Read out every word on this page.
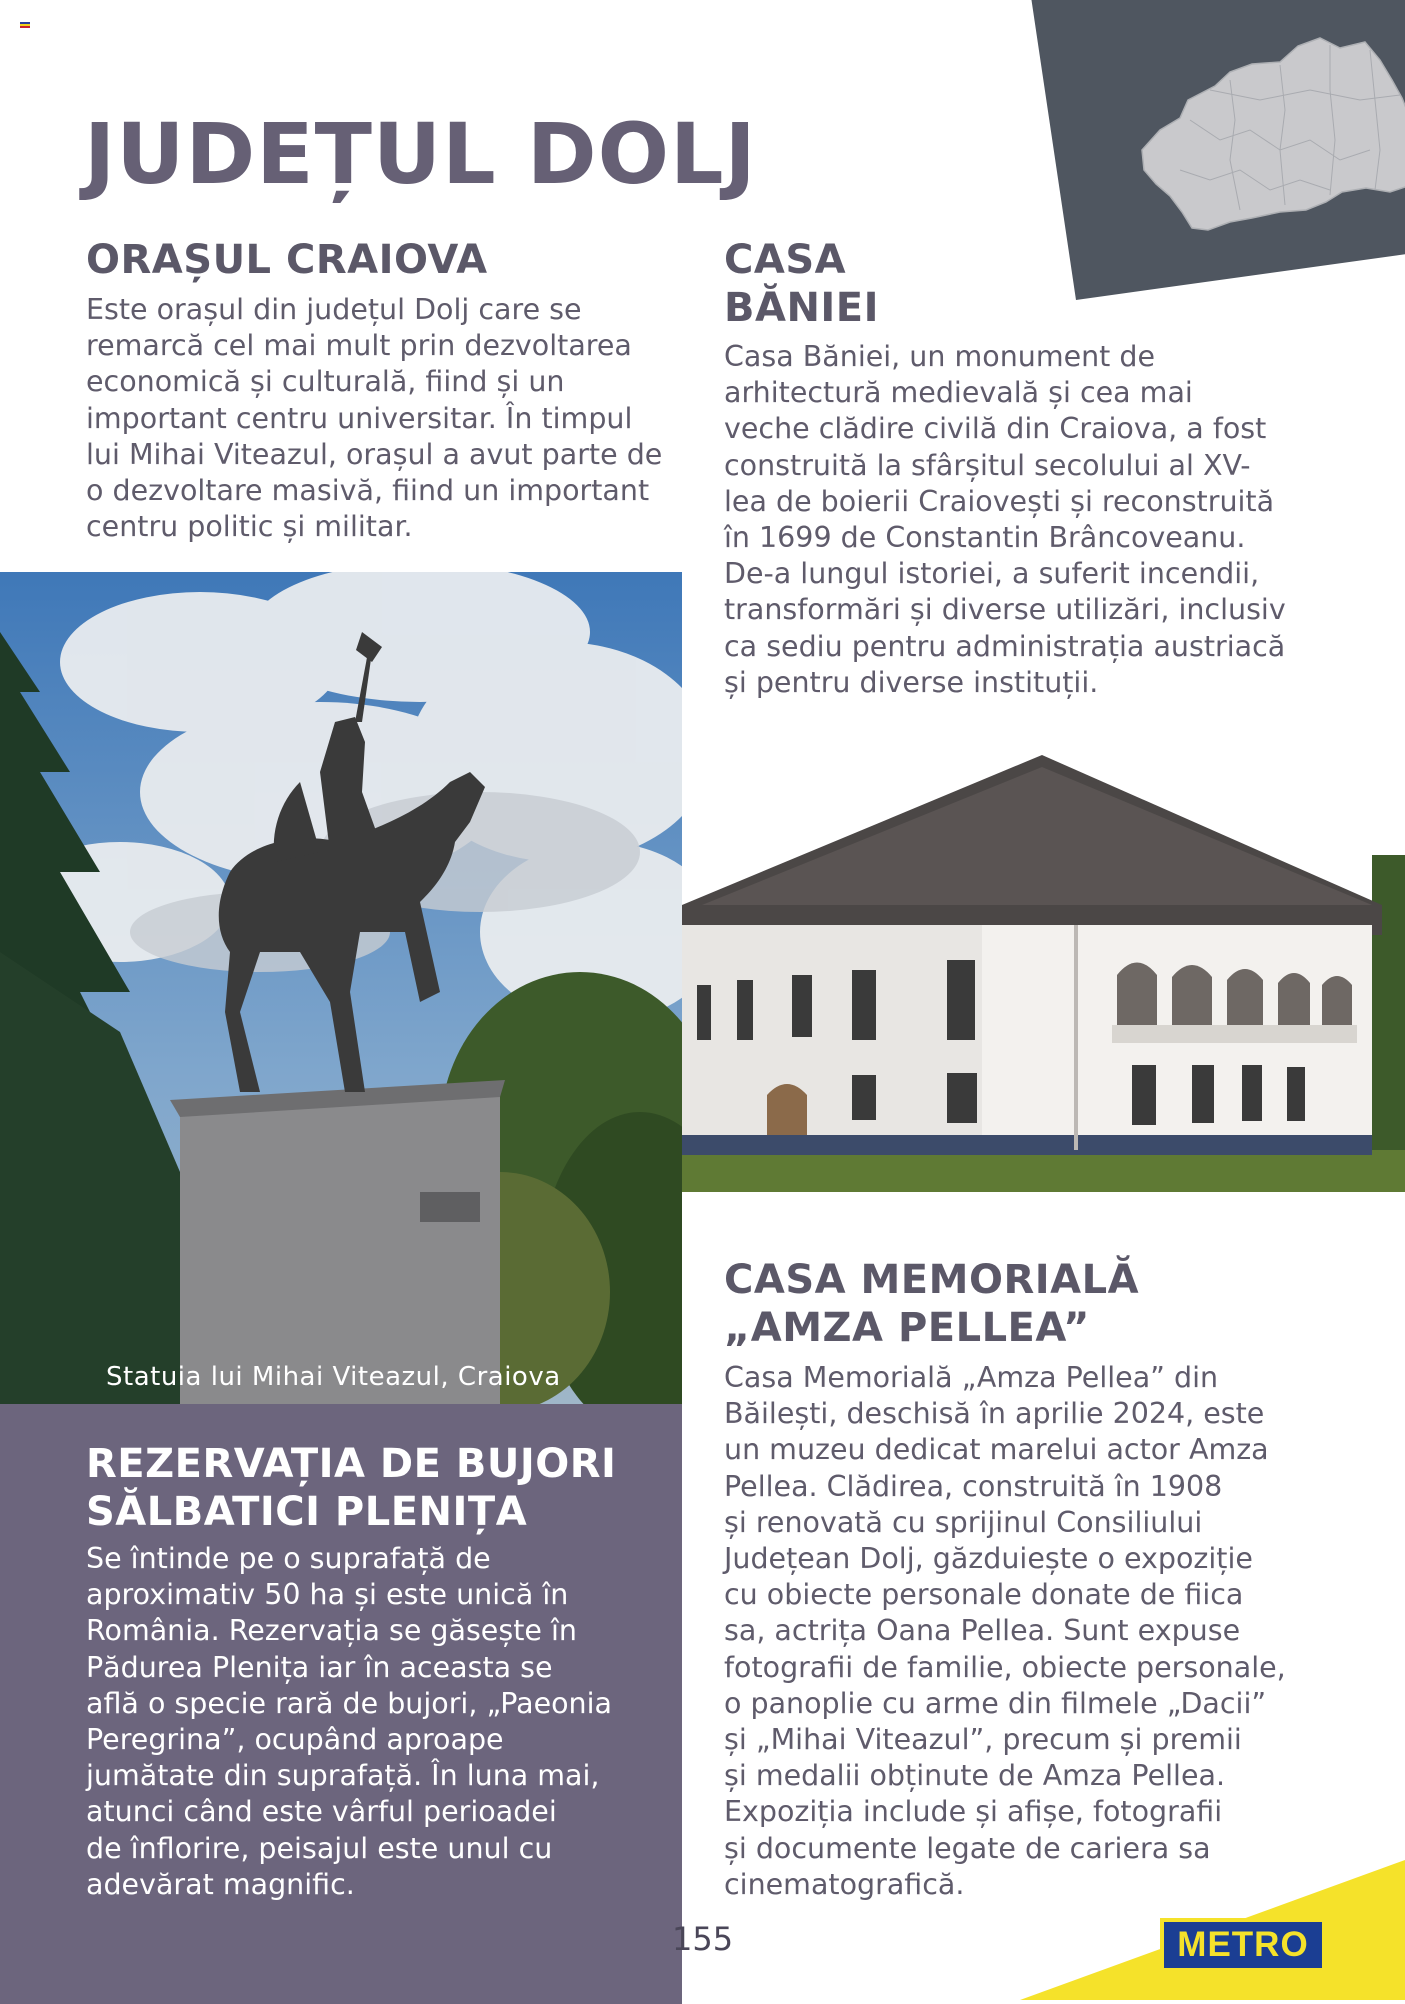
JUDEȚUL DOLJ
ORAȘUL CRAIOVA

Este orașul din județul Dolj care se

remarcă cel mai mult prin dezvoltarea

economică și culturală, fiind și un

important centru universitar. În timpul

lui Mihai Viteazul, orașul a avut parte de

o dezvoltare masivă, fiind un important

centru politic și militar.

CASA

BĂNIEI

Casa Băniei, un monument de

arhitectură medievală și cea mai

veche clădire civilă din Craiova, a fost

construită la sfârșitul secolului al XV-

lea de boierii Craiovești și reconstruită

în 1699 de Constantin Brâncoveanu.

De-a lungul istoriei, a suferit incendii,

transformări și diverse utilizări, inclusiv

ca sediu pentru administrația austriacă

și pentru diverse instituții.

Statuia lui Mihai Viteazul, Craiova

REZERVAȚIA DE BUJORI

SĂLBATICI PLENIȚA

Se întinde pe o suprafață de

aproximativ 50 ha și este unică în

România. Rezervația se găsește în

Pădurea Plenița iar în aceasta se

află o specie rară de bujori, „Paeonia

Peregrina”, ocupând aproape

jumătate din suprafață. În luna mai,

atunci când este vârful perioadei

de înflorire, peisajul este unul cu

adevărat magnific.

CASA MEMORIALĂ

„AMZA PELLEA”

Casa Memorială „Amza Pellea” din

Băilești, deschisă în aprilie 2024, este

un muzeu dedicat marelui actor Amza

Pellea. Clădirea, construită în 1908

și renovată cu sprijinul Consiliului

Județean Dolj, găzduiește o expoziție

cu obiecte personale donate de fiica

sa, actrița Oana Pellea. Sunt expuse

fotografii de familie, obiecte personale,

o panoplie cu arme din filmele „Dacii”

și „Mihai Viteazul”, precum și premii

și medalii obținute de Amza Pellea.

Expoziția include și afișe, fotografii

și documente legate de cariera sa

cinematografică.

155	METRO
